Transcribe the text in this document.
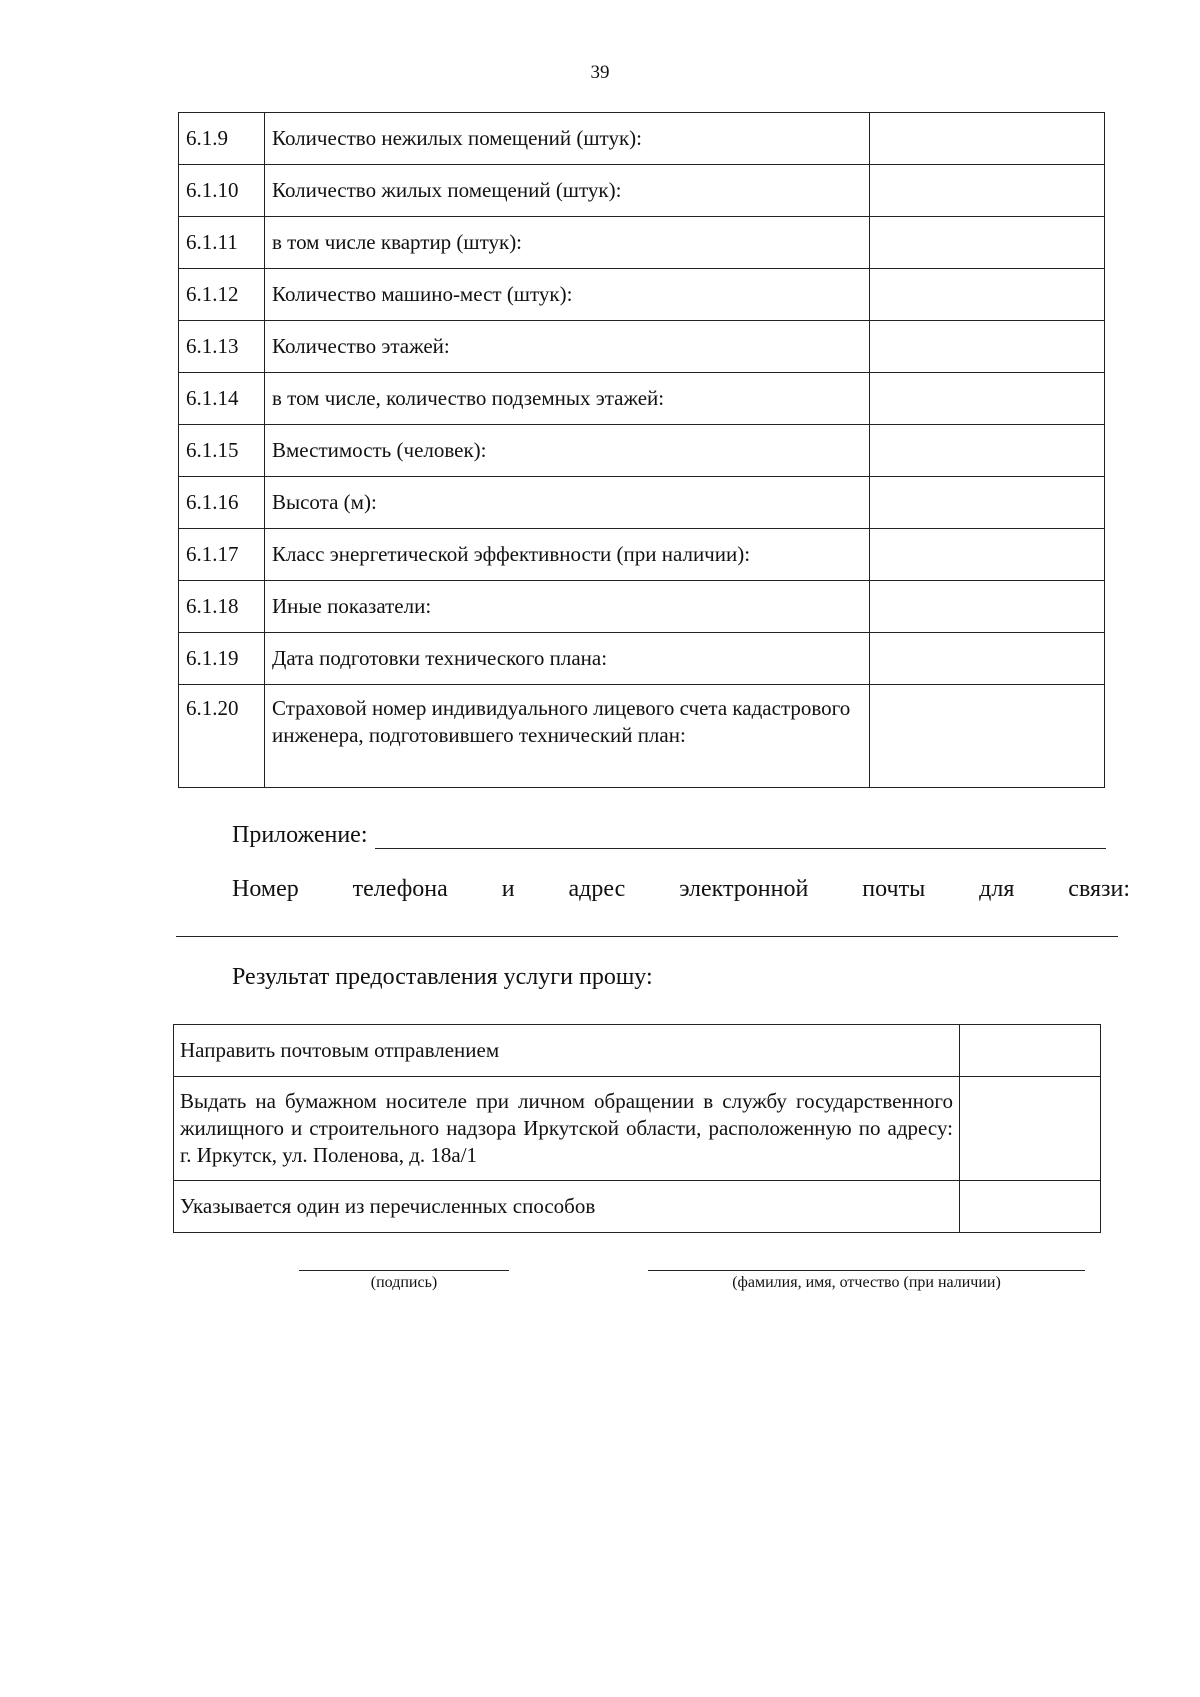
39
6.1.9	Количество нежилых помещений (штук):	
6.1.10	Количество жилых помещений (штук):	
6.1.11	в том числе квартир (штук):	
6.1.12	Количество машино-мест (штук):	
6.1.13	Количество этажей:	
6.1.14	в том числе, количество подземных этажей:	
6.1.15	Вместимость (человек):	
6.1.16	Высота (м):	
6.1.17	Класс энергетической эффективности (при наличии):	
6.1.18	Иные показатели:	
6.1.19	Дата подготовки технического плана:	
6.1.20	Страховой номер индивидуального лицевого счета кадастрового инженера, подготовившего технический план:	
Приложение:
Номер телефона и адрес электронной почты для связи:
Результат предоставления услуги прошу:
Направить почтовым отправлением	
Выдать на бумажном носителе при личном обращении в службу государственного жилищного и строительного надзора Иркутской области, расположенную по адресу: г. Иркутск, ул. Поленова, д. 18а/1	
Указывается один из перечисленных способов	
(подпись)	(фамилия, имя, отчество (при наличии)
